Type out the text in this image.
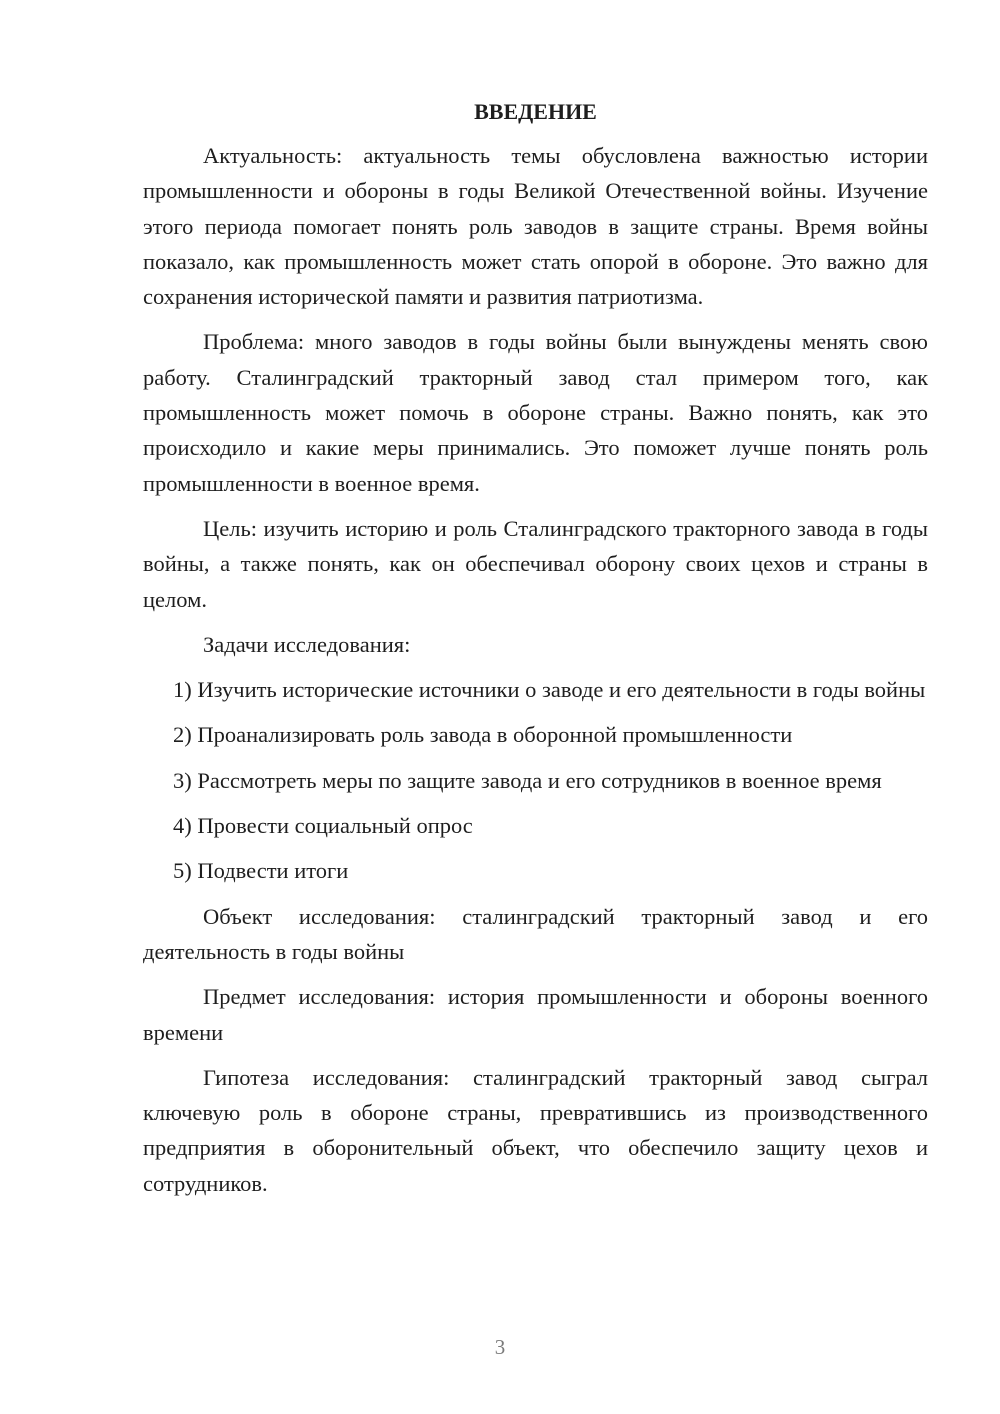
ВВЕДЕНИЕ

Актуальность: актуальность темы обусловлена важностью истории промышленности и обороны в годы Великой Отечественной войны. Изучение этого периода помогает понять роль заводов в защите страны. Время войны показало, как промышленность может стать опорой в обороне. Это важно для сохранения исторической памяти и развития патриотизма.

Проблема: много заводов в годы войны были вынуждены менять свою работу. Сталинградский тракторный завод стал примером того, как промышленность может помочь в обороне страны. Важно понять, как это происходило и какие меры принимались. Это поможет лучше понять роль промышленности в военное время.

Цель: изучить историю и роль Сталинградского тракторного завода в годы войны, а также понять, как он обеспечивал оборону своих цехов и страны в целом.

Задачи исследования:

1) Изучить исторические источники о заводе и его деятельности в годы войны

2) Проанализировать роль завода в оборонной промышленности

3) Рассмотреть меры по защите завода и его сотрудников в военное время

4) Провести социальный опрос

5) Подвести итоги

Объект исследования: сталинградский тракторный завод и его деятельность в годы войны

Предмет исследования: история промышленности и обороны военного времени

Гипотеза исследования: сталинградский тракторный завод сыграл ключевую роль в обороне страны, превратившись из производственного предприятия в оборонительный объект, что обеспечило защиту цехов и сотрудников.

3
